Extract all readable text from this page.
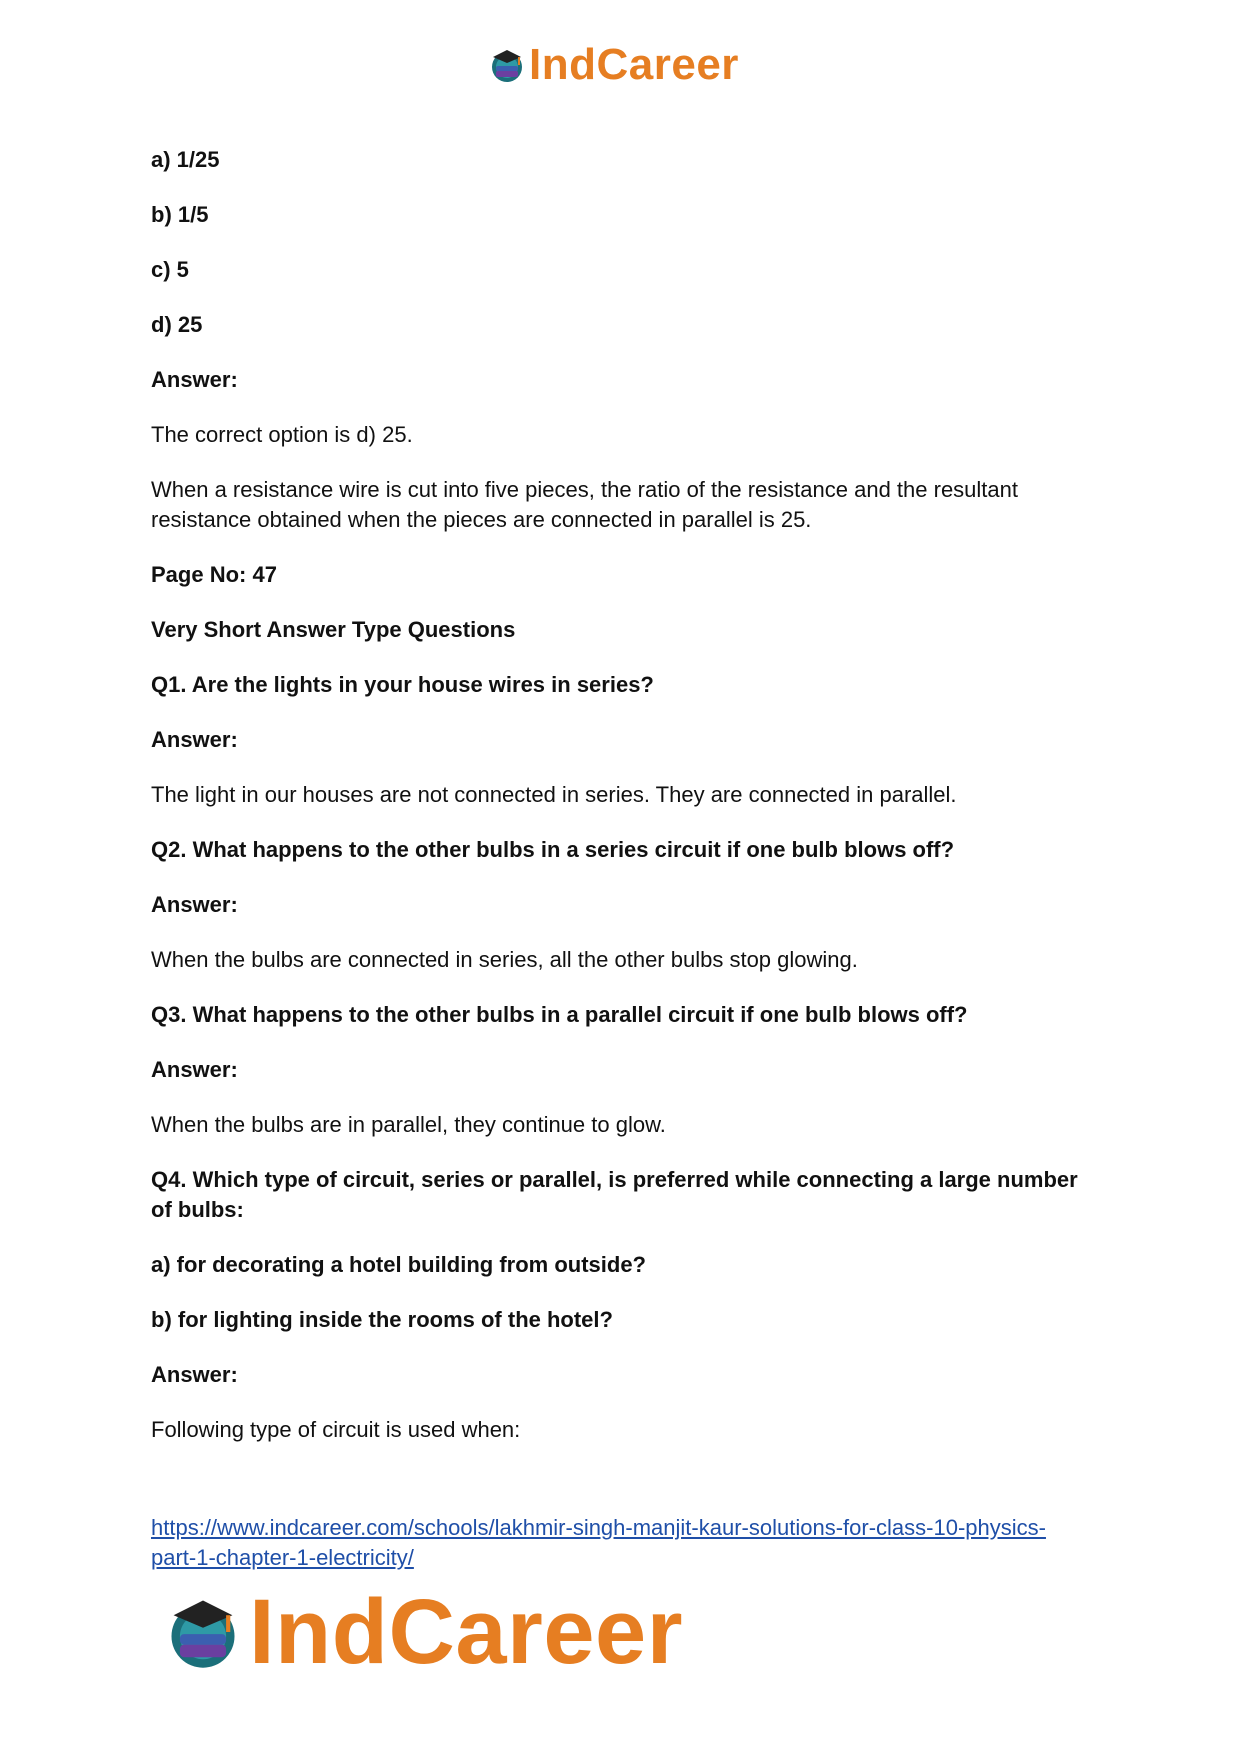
IndCareer

a) 1/25

b) 1/5

c) 5

d) 25

Answer:

The correct option is d) 25.

When a resistance wire is cut into five pieces, the ratio of the resistance and the resultant resistance obtained when the pieces are connected in parallel is 25.

Page No: 47

Very Short Answer Type Questions

Q1. Are the lights in your house wires in series?

Answer:

The light in our houses are not connected in series. They are connected in parallel.

Q2. What happens to the other bulbs in a series circuit if one bulb blows off?

Answer:

When the bulbs are connected in series, all the other bulbs stop glowing.

Q3. What happens to the other bulbs in a parallel circuit if one bulb blows off?

Answer:

When the bulbs are in parallel, they continue to glow.

Q4. Which type of circuit, series or parallel, is preferred while connecting a large number of bulbs:

a) for decorating a hotel building from outside?

b) for lighting inside the rooms of the hotel?

Answer:

Following type of circuit is used when:

https://www.indcareer.com/schools/lakhmir-singh-manjit-kaur-solutions-for-class-10-physics-
part-1-chapter-1-electricity/
IndCareer
